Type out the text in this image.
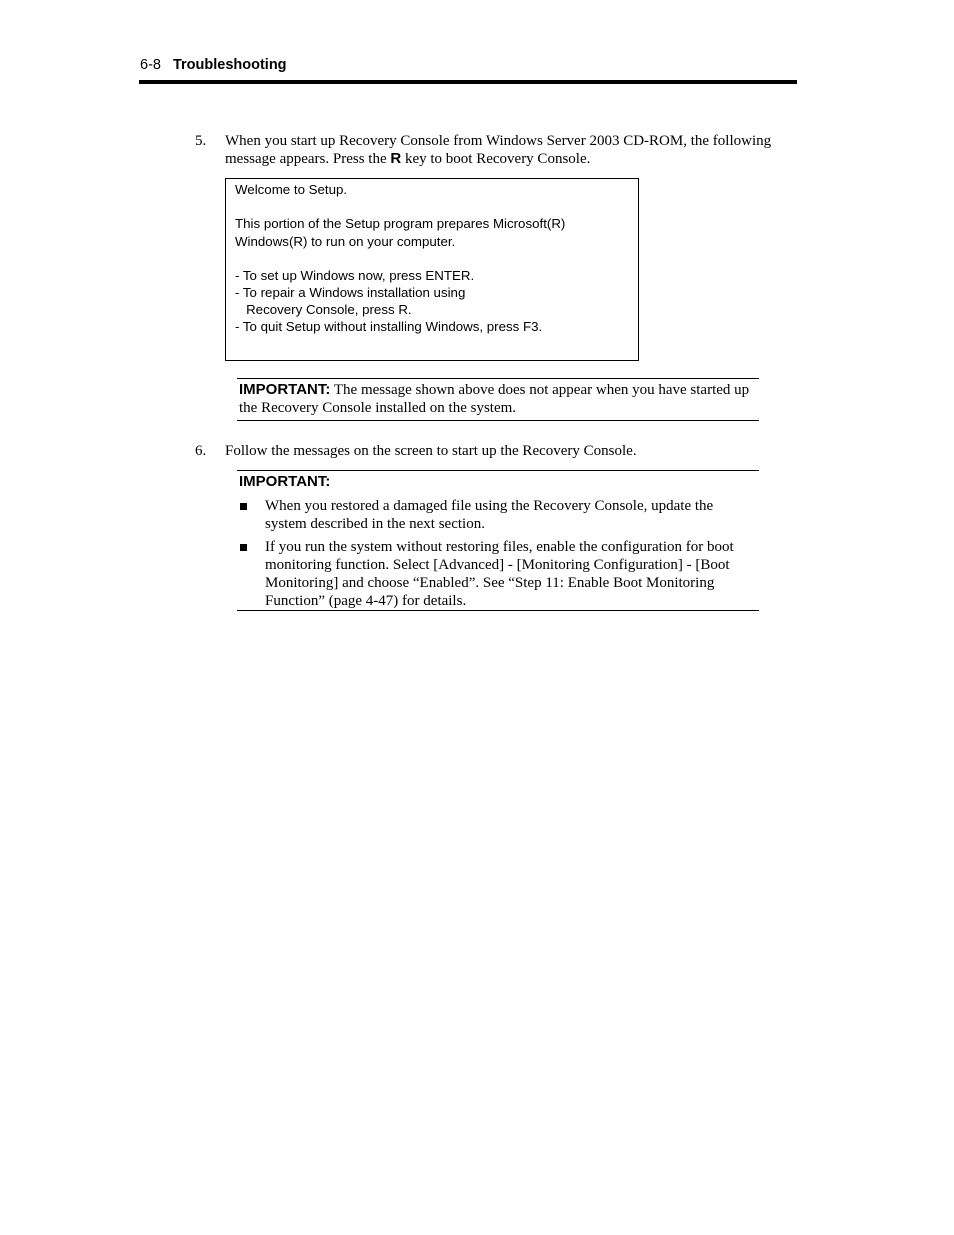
6-8 Troubleshooting
5. When you start up Recovery Console from Windows Server 2003 CD-ROM, the following
message appears. Press the R key to boot Recovery Console.
Welcome to Setup.
This portion of the Setup program prepares Microsoft(R)
Windows(R) to run on your computer.
- To set up Windows now, press ENTER.
- To repair a Windows installation using
Recovery Console, press R.
- To quit Setup without installing Windows, press F3.
IMPORTANT: The message shown above does not appear when you have started up the Recovery Console installed on the system.
6. Follow the messages on the screen to start up the Recovery Console.
IMPORTANT:
When you restored a damaged file using the Recovery Console, update the system described in the next section.
If you run the system without restoring files, enable the configuration for boot monitoring function. Select [Advanced] - [Monitoring Configuration] - [Boot Monitoring] and choose “Enabled”. See “Step 11: Enable Boot Monitoring Function” (page 4-47) for details.
